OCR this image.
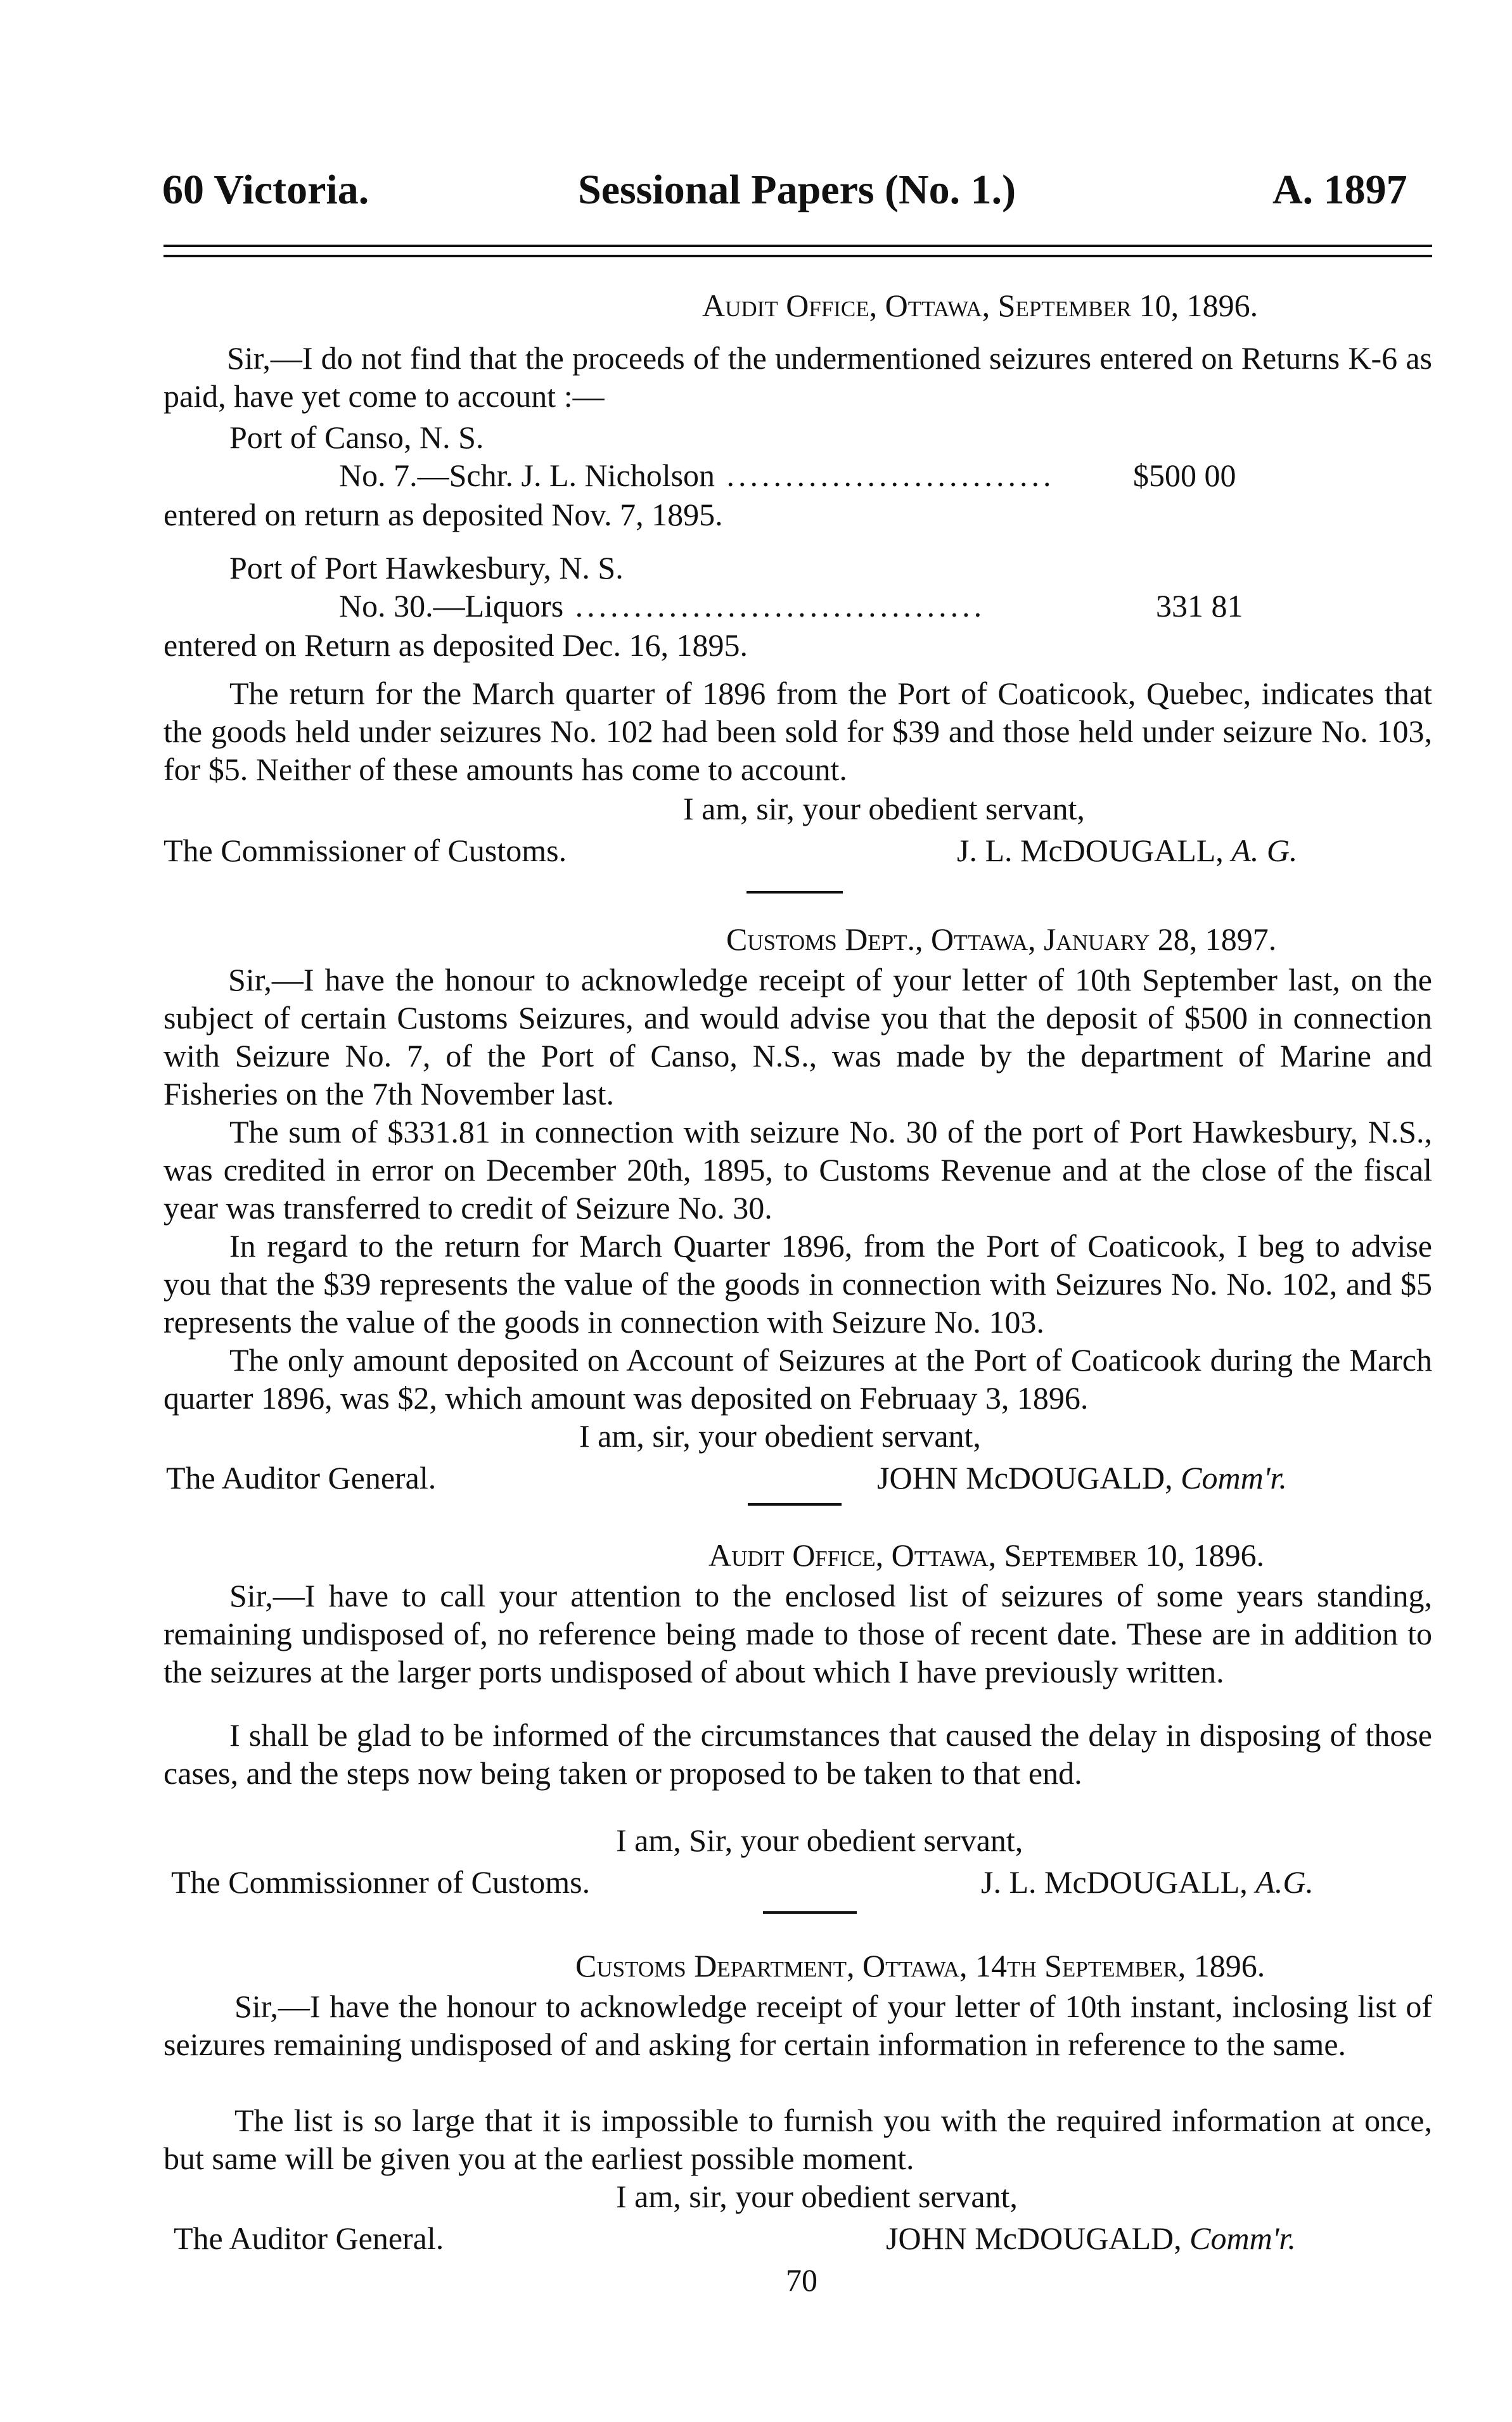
60 Victoria.	Sessional Papers (No. 1.)	A. 1897
Audit Office, Ottawa, September 10, 1896.
Sir,—I do not find that the proceeds of the undermentioned seizures entered on Returns K-6 as paid, have yet come to account :—
Port of Canso, N. S.
No. 7.—Schr. J. L. Nicholson ............................ $500 00
entered on return as deposited Nov. 7, 1895.
Port of Port Hawkesbury, N. S.
No. 30.—Liquors ...................................	331 81
entered on Return as deposited Dec. 16, 1895.
The return for the March quarter of 1896 from the Port of Coaticook, Quebec, indicates that the goods held under seizures No. 102 had been sold for $39 and those held under seizure No. 103, for $5. Neither of these amounts has come to account.
I am, sir, your obedient servant,
The Commissioner of Customs.	J. L. McDOUGALL, A. G.
Customs Dept., Ottawa, January 28, 1897.
Sir,—I have the honour to acknowledge receipt of your letter of 10th September last, on the subject of certain Customs Seizures, and would advise you that the deposit of $500 in connection with Seizure No. 7, of the Port of Canso, N.S., was made by the department of Marine and Fisheries on the 7th November last.
The sum of $331.81 in connection with seizure No. 30 of the port of Port Hawkesbury, N.S., was credited in error on December 20th, 1895, to Customs Revenue and at the close of the fiscal year was transferred to credit of Seizure No. 30.
In regard to the return for March Quarter 1896, from the Port of Coaticook, I beg to advise you that the $39 represents the value of the goods in connection with Seizures No. No. 102, and $5 represents the value of the goods in connection with Seizure No. 103.
The only amount deposited on Account of Seizures at the Port of Coaticook during the March quarter 1896, was $2, which amount was deposited on Februaay 3, 1896.
I am, sir, your obedient servant,
The Auditor General.	JOHN McDOUGALD, Comm'r.
Audit Office, Ottawa, September 10, 1896.
Sir,—I have to call your attention to the enclosed list of seizures of some years standing, remaining undisposed of, no reference being made to those of recent date. These are in addition to the seizures at the larger ports undisposed of about which I have previously written.
I shall be glad to be informed of the circumstances that caused the delay in disposing of those cases, and the steps now being taken or proposed to be taken to that end.
I am, Sir, your obedient servant,
The Commissionner of Customs.	J. L. McDOUGALL, A.G.
Customs Department, Ottawa, 14th September, 1896.
Sir,—I have the honour to acknowledge receipt of your letter of 10th instant, inclosing list of seizures remaining undisposed of and asking for certain information in reference to the same.
The list is so large that it is impossible to furnish you with the required information at once, but same will be given you at the earliest possible moment.
I am, sir, your obedient servant,
The Auditor General.	JOHN McDOUGALD, Comm'r.
70
